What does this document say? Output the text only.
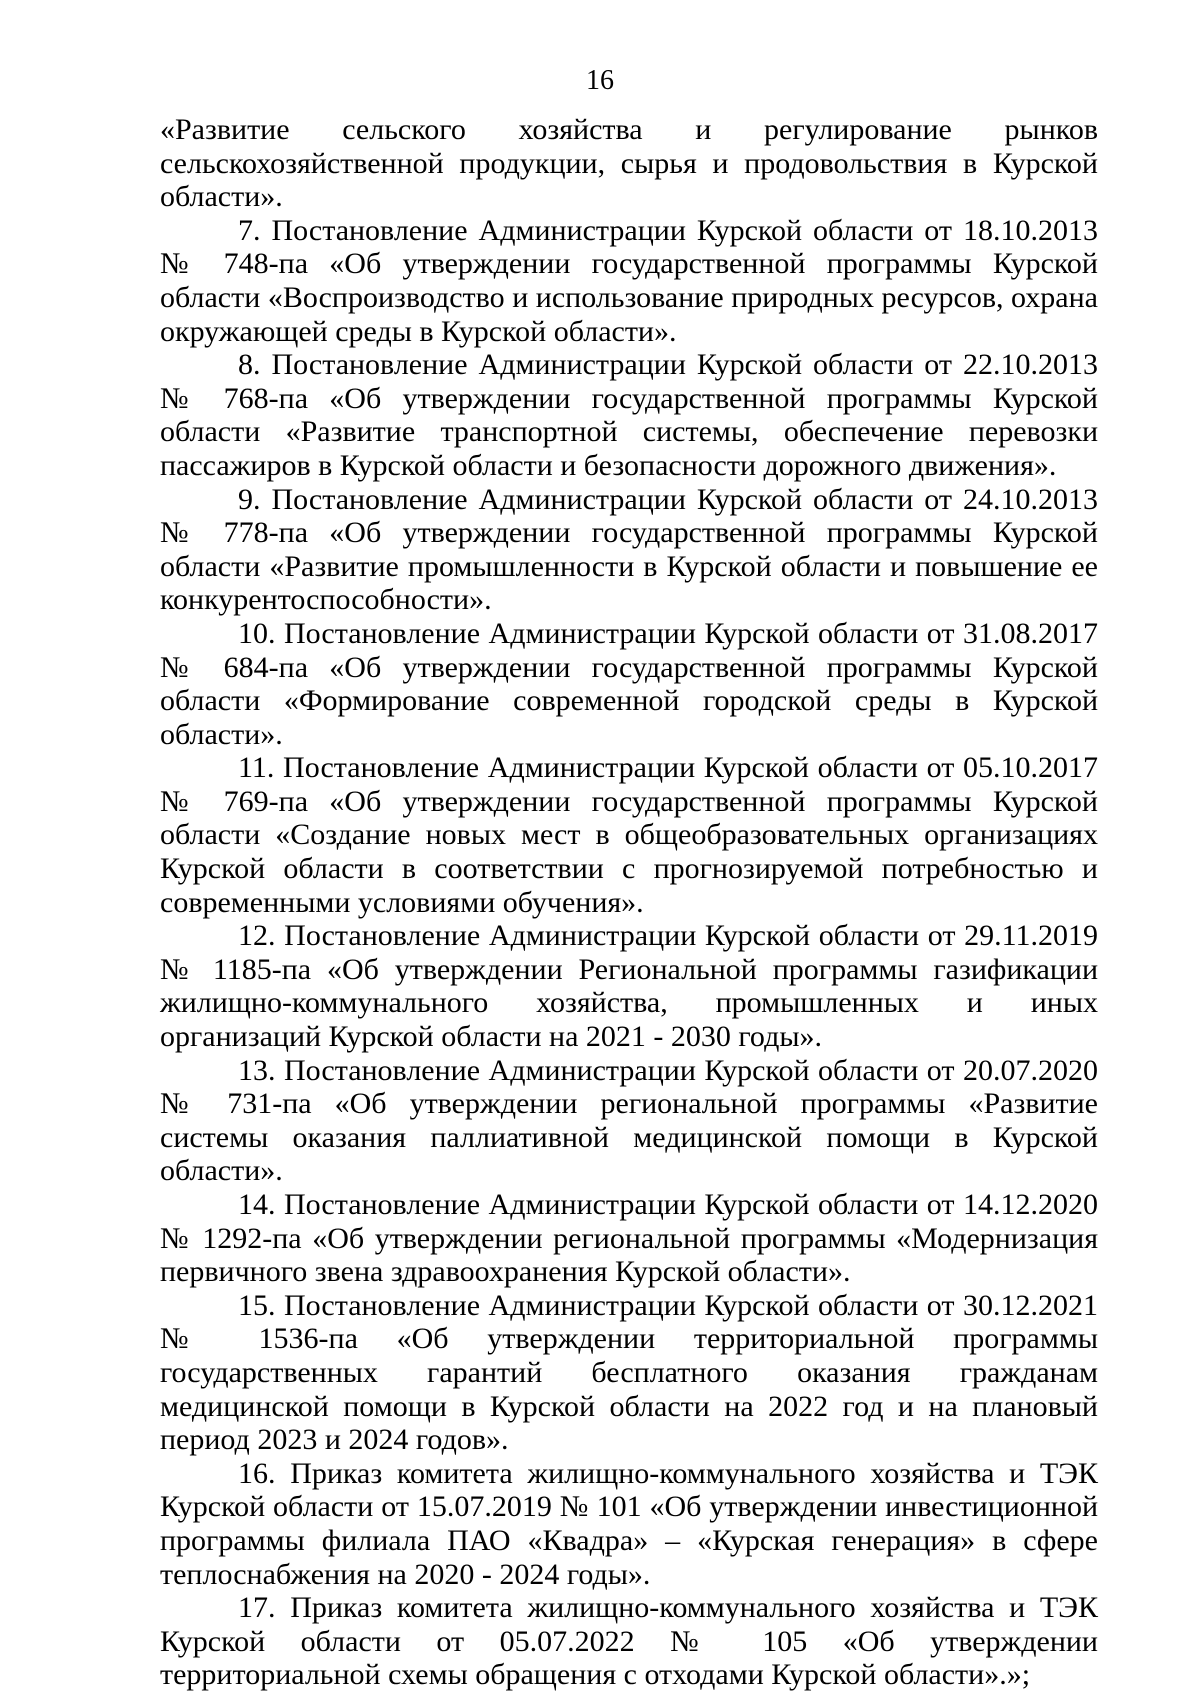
16

«Развитие сельского хозяйства и регулирование рынков сельскохозяйственной продукции, сырья и продовольствия в Курской области».

7. Постановление Администрации Курской области от 18.10.2013 № 748-па «Об утверждении государственной программы Курской области «Воспроизводство и использование природных ресурсов, охрана окружающей среды в Курской области».

8. Постановление Администрации Курской области от 22.10.2013 № 768-па «Об утверждении государственной программы Курской области «Развитие транспортной системы, обеспечение перевозки пассажиров в Курской области и безопасности дорожного движения».

9. Постановление Администрации Курской области от 24.10.2013 № 778-па «Об утверждении государственной программы Курской области «Развитие промышленности в Курской области и повышение ее конкурентоспособности».

10. Постановление Администрации Курской области от 31.08.2017 № 684-па «Об утверждении государственной программы Курской области «Формирование современной городской среды в Курской области».

11. Постановление Администрации Курской области от 05.10.2017 № 769-па «Об утверждении государственной программы Курской области «Создание новых мест в общеобразовательных организациях Курской области в соответствии с прогнозируемой потребностью и современными условиями обучения».

12. Постановление Администрации Курской области от 29.11.2019 № 1185-па «Об утверждении Региональной программы газификации жилищно-коммунального хозяйства, промышленных и иных организаций Курской области на 2021 - 2030 годы».

13. Постановление Администрации Курской области от 20.07.2020 № 731-па «Об утверждении региональной программы «Развитие системы оказания паллиативной медицинской помощи в Курской области».

14. Постановление Администрации Курской области от 14.12.2020 № 1292-па «Об утверждении региональной программы «Модернизация первичного звена здравоохранения Курской области».

15. Постановление Администрации Курской области от 30.12.2021 № 1536-па «Об утверждении территориальной программы государственных гарантий бесплатного оказания гражданам медицинской помощи в Курской области на 2022 год и на плановый период 2023 и 2024 годов».

16. Приказ комитета жилищно-коммунального хозяйства и ТЭК Курской области от 15.07.2019 № 101 «Об утверждении инвестиционной программы филиала ПАО «Квадра» – «Курская генерация» в сфере теплоснабжения на 2020 - 2024 годы».

17. Приказ комитета жилищно-коммунального хозяйства и ТЭК Курской области от 05.07.2022 № 105 «Об утверждении территориальной схемы обращения с отходами Курской области».»;
